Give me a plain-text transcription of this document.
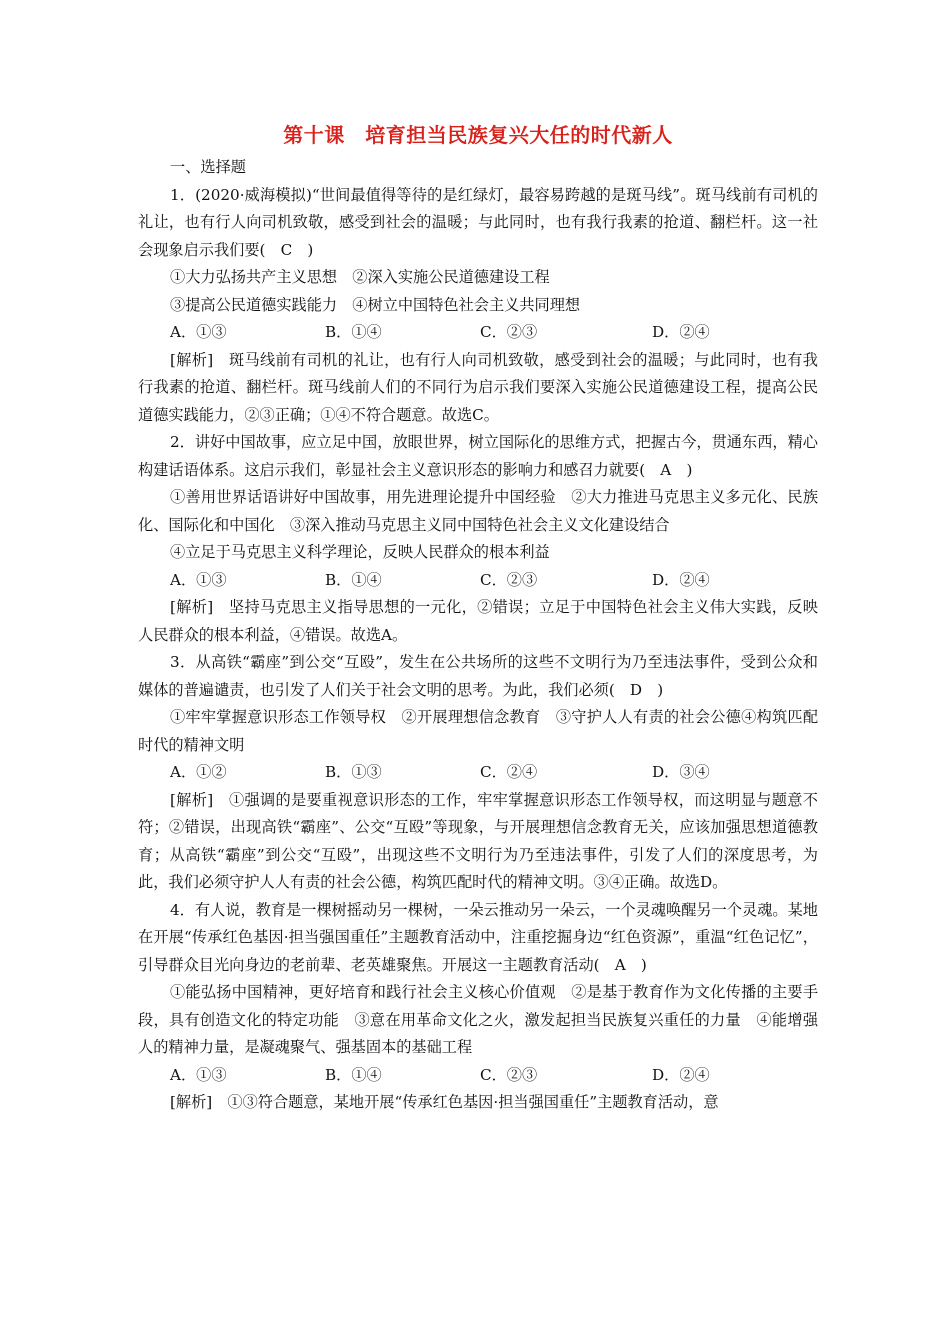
第十课　培育担当民族复兴大任的时代新人
一、选择题

1．(2020·威海模拟)“世间最值得等待的是红绿灯，最容易跨越的是斑马线”。斑马线前有司机的礼让，也有行人向司机致敬，感受到社会的温暖；与此同时，也有我行我素的抢道、翻栏杆。这一社会现象启示我们要(　C　)

①大力弘扬共产主义思想　②深入实施公民道德建设工程
③提高公民道德实践能力　④树立中国特色社会主义共同理想
A．①③	B．①④	C．②③	D．②④

[解析]　斑马线前有司机的礼让，也有行人向司机致敬，感受到社会的温暖；与此同时，也有我行我素的抢道、翻栏杆。斑马线前人们的不同行为启示我们要深入实施公民道德建设工程，提高公民道德实践能力，②③正确；①④不符合题意。故选C。

2．讲好中国故事，应立足中国，放眼世界，树立国际化的思维方式，把握古今，贯通东西，精心构建话语体系。这启示我们，彰显社会主义意识形态的影响力和感召力就要(　A　)

①善用世界话语讲好中国故事，用先进理论提升中国经验　②大力推进马克思主义多元化、民族化、国际化和中国化　③深入推动马克思主义同中国特色社会主义文化建设结合

④立足于马克思主义科学理论，反映人民群众的根本利益
A．①③	B．①④	C．②③	D．②④

[解析]　坚持马克思主义指导思想的一元化，②错误；立足于中国特色社会主义伟大实践，反映人民群众的根本利益，④错误。故选A。

3．从高铁“霸座”到公交“互殴”，发生在公共场所的这些不文明行为乃至违法事件，受到公众和媒体的普遍谴责，也引发了人们关于社会文明的思考。为此，我们必须(　D　)

①牢牢掌握意识形态工作领导权　②开展理想信念教育　③守护人人有责的社会公德④构筑匹配时代的精神文明

A．①②	B．①③	C．②④	D．③④

[解析]　①强调的是要重视意识形态的工作，牢牢掌握意识形态工作领导权，而这明显与题意不符；②错误，出现高铁“霸座”、公交“互殴”等现象，与开展理想信念教育无关，应该加强思想道德教育；从高铁“霸座”到公交“互殴”，出现这些不文明行为乃至违法事件，引发了人们的深度思考，为此，我们必须守护人人有责的社会公德，构筑匹配时代的精神文明。③④正确。故选D。

4．有人说，教育是一棵树摇动另一棵树，一朵云推动另一朵云，一个灵魂唤醒另一个灵魂。某地在开展“传承红色基因·担当强国重任”主题教育活动中，注重挖掘身边“红色资源”，重温“红色记忆”，引导群众目光向身边的老前辈、老英雄聚焦。开展这一主题教育活动(　A　)

①能弘扬中国精神，更好培育和践行社会主义核心价值观　②是基于教育作为文化传播的主要手段，具有创造文化的特定功能　③意在用革命文化之火，激发起担当民族复兴重任的力量　④能增强人的精神力量，是凝魂聚气、强基固本的基础工程

A．①③	B．①④	C．②③	D．②④

[解析]　①③符合题意，某地开展“传承红色基因·担当强国重任”主题教育活动，意
